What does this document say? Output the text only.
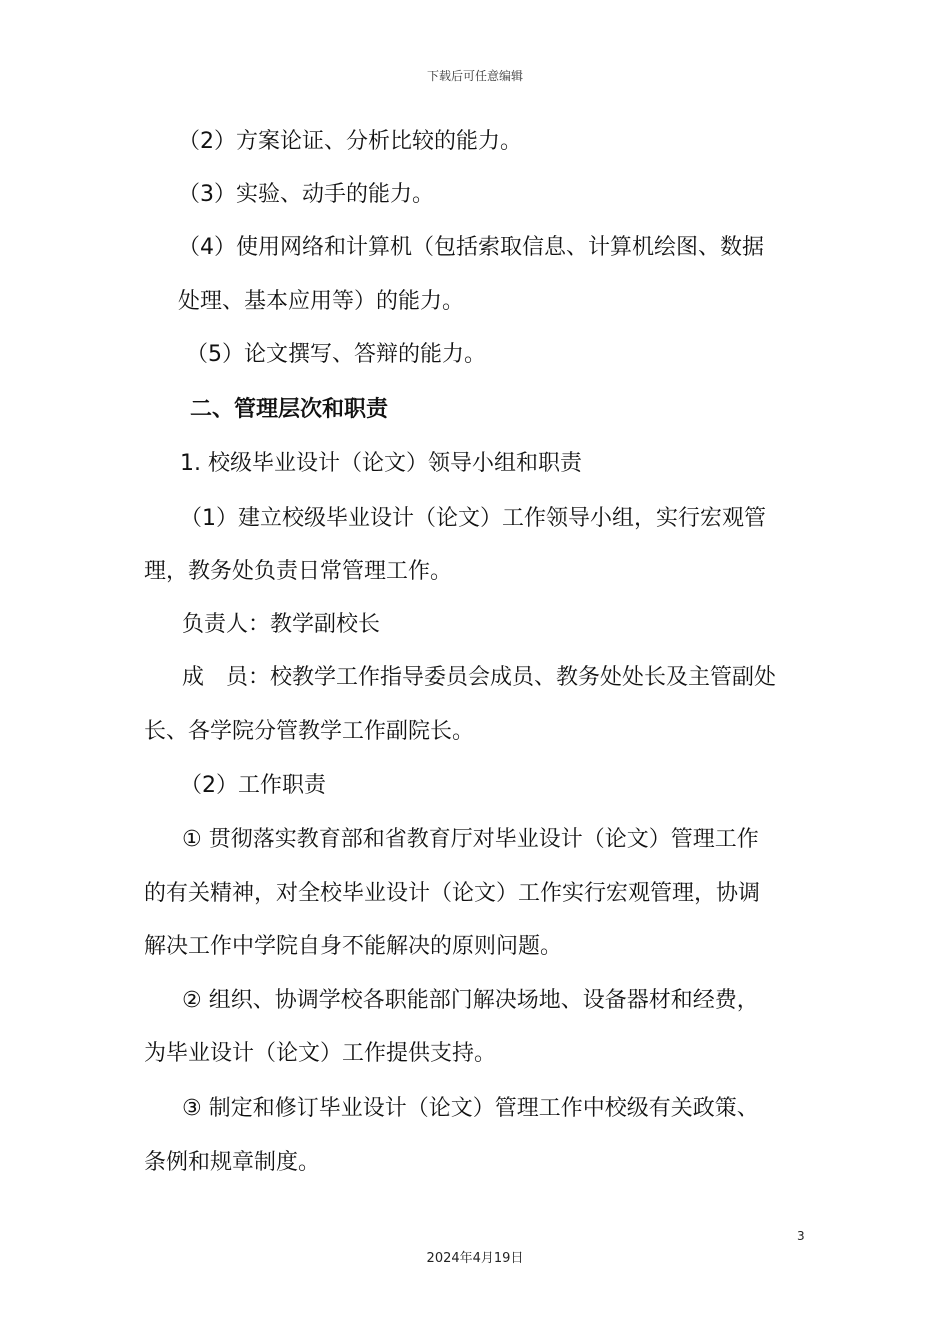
下载后可任意编辑
（2）方案论证、分析比较的能力。
（3）实验、动手的能力。
（4）使用网络和计算机（包括索取信息、计算机绘图、数据
处理、基本应用等）的能力。
（5）论文撰写、答辩的能力。
二、管理层次和职责
1. 校级毕业设计（论文）领导小组和职责
（1）建立校级毕业设计（论文）工作领导小组，实行宏观管
理，教务处负责日常管理工作。
负责人：教学副校长
成　员：校教学工作指导委员会成员、教务处处长及主管副处
长、各学院分管教学工作副院长。
（2）工作职责
① 贯彻落实教育部和省教育厅对毕业设计（论文）管理工作
的有关精神，对全校毕业设计（论文）工作实行宏观管理，协调
解决工作中学院自身不能解决的原则问题。
② 组织、协调学校各职能部门解决场地、设备器材和经费，
为毕业设计（论文）工作提供支持。
③ 制定和修订毕业设计（论文）管理工作中校级有关政策、
条例和规章制度。
3
2024年4月19日
